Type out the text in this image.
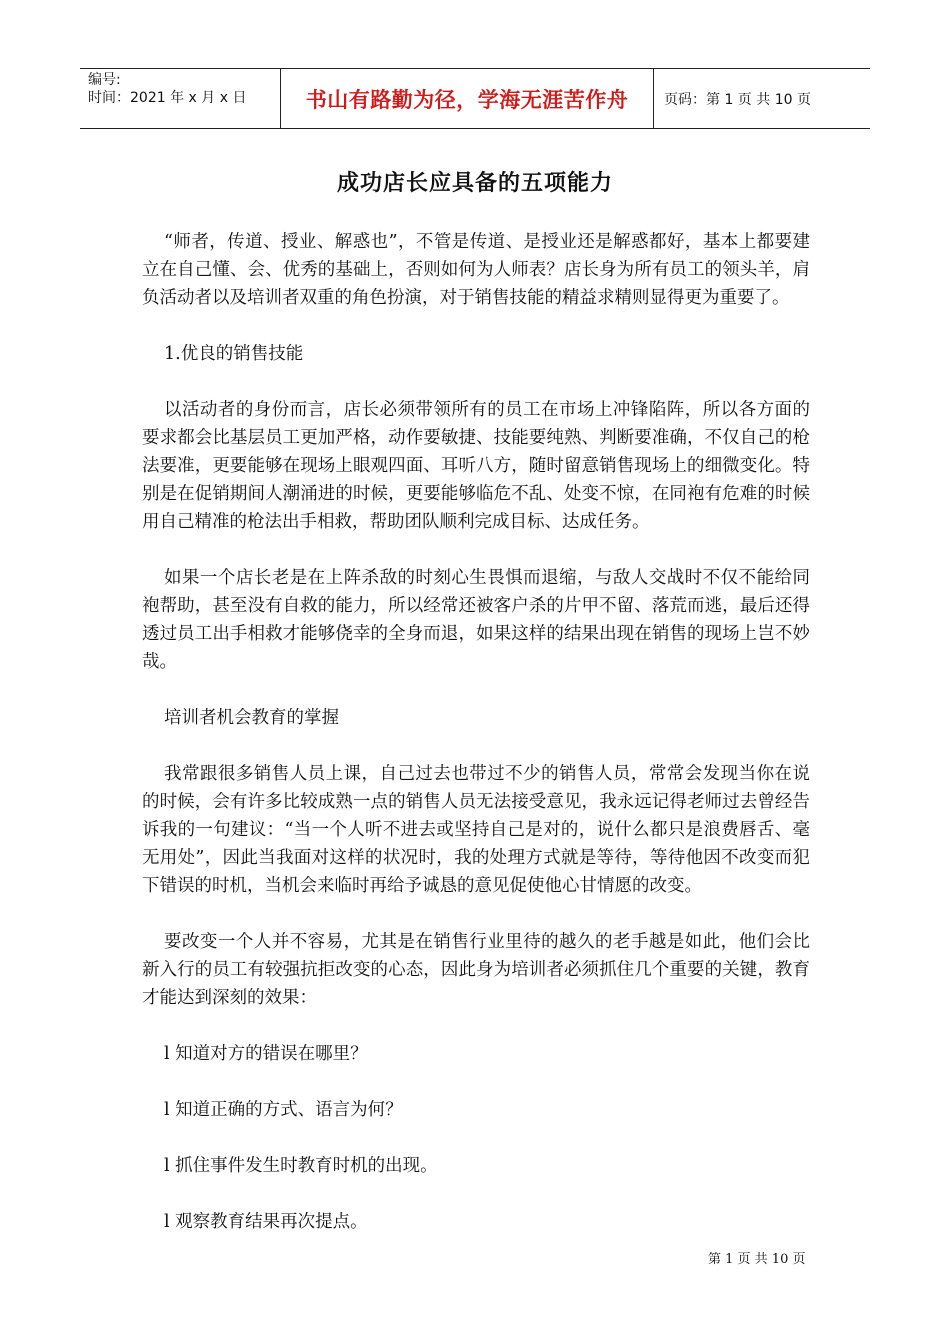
编号:
时间：2021 年 x 月 x 日	书山有路勤为径，学海无涯苦作舟	页码：第 1 页 共 10 页
成功店长应具备的五项能力

“师者，传道、授业、解惑也”，不管是传道、是授业还是解惑都好，基本上都要建立在自己懂、会、优秀的基础上，否则如何为人师表？店长身为所有员工的领头羊，肩负活动者以及培训者双重的角色扮演，对于销售技能的精益求精则显得更为重要了。

1.优良的销售技能

以活动者的身份而言，店长必须带领所有的员工在市场上冲锋陷阵，所以各方面的要求都会比基层员工更加严格，动作要敏捷、技能要纯熟、判断要准确，不仅自己的枪法要准，更要能够在现场上眼观四面、耳听八方，随时留意销售现场上的细微变化。特别是在促销期间人潮涌进的时候，更要能够临危不乱、处变不惊，在同袍有危难的时候用自己精准的枪法出手相救，帮助团队顺利完成目标、达成任务。

如果一个店长老是在上阵杀敌的时刻心生畏惧而退缩，与敌人交战时不仅不能给同袍帮助，甚至没有自救的能力，所以经常还被客户杀的片甲不留、落荒而逃，最后还得透过员工出手相救才能够侥幸的全身而退，如果这样的结果出现在销售的现场上岂不妙哉。

培训者机会教育的掌握

我常跟很多销售人员上课，自己过去也带过不少的销售人员，常常会发现当你在说的时候，会有许多比较成熟一点的销售人员无法接受意见，我永远记得老师过去曾经告诉我的一句建议：“当一个人听不进去或坚持自己是对的，说什么都只是浪费唇舌、毫无用处”，因此当我面对这样的状况时，我的处理方式就是等待，等待他因不改变而犯下错误的时机，当机会来临时再给予诚恳的意见促使他心甘情愿的改变。

要改变一个人并不容易，尤其是在销售行业里待的越久的老手越是如此，他们会比新入行的员工有较强抗拒改变的心态，因此身为培训者必须抓住几个重要的关键，教育才能达到深刻的效果：

l 知道对方的错误在哪里？

l 知道正确的方式、语言为何？

l 抓住事件发生时教育时机的出现。

l 观察教育结果再次提点。

第 1 页 共 10 页
